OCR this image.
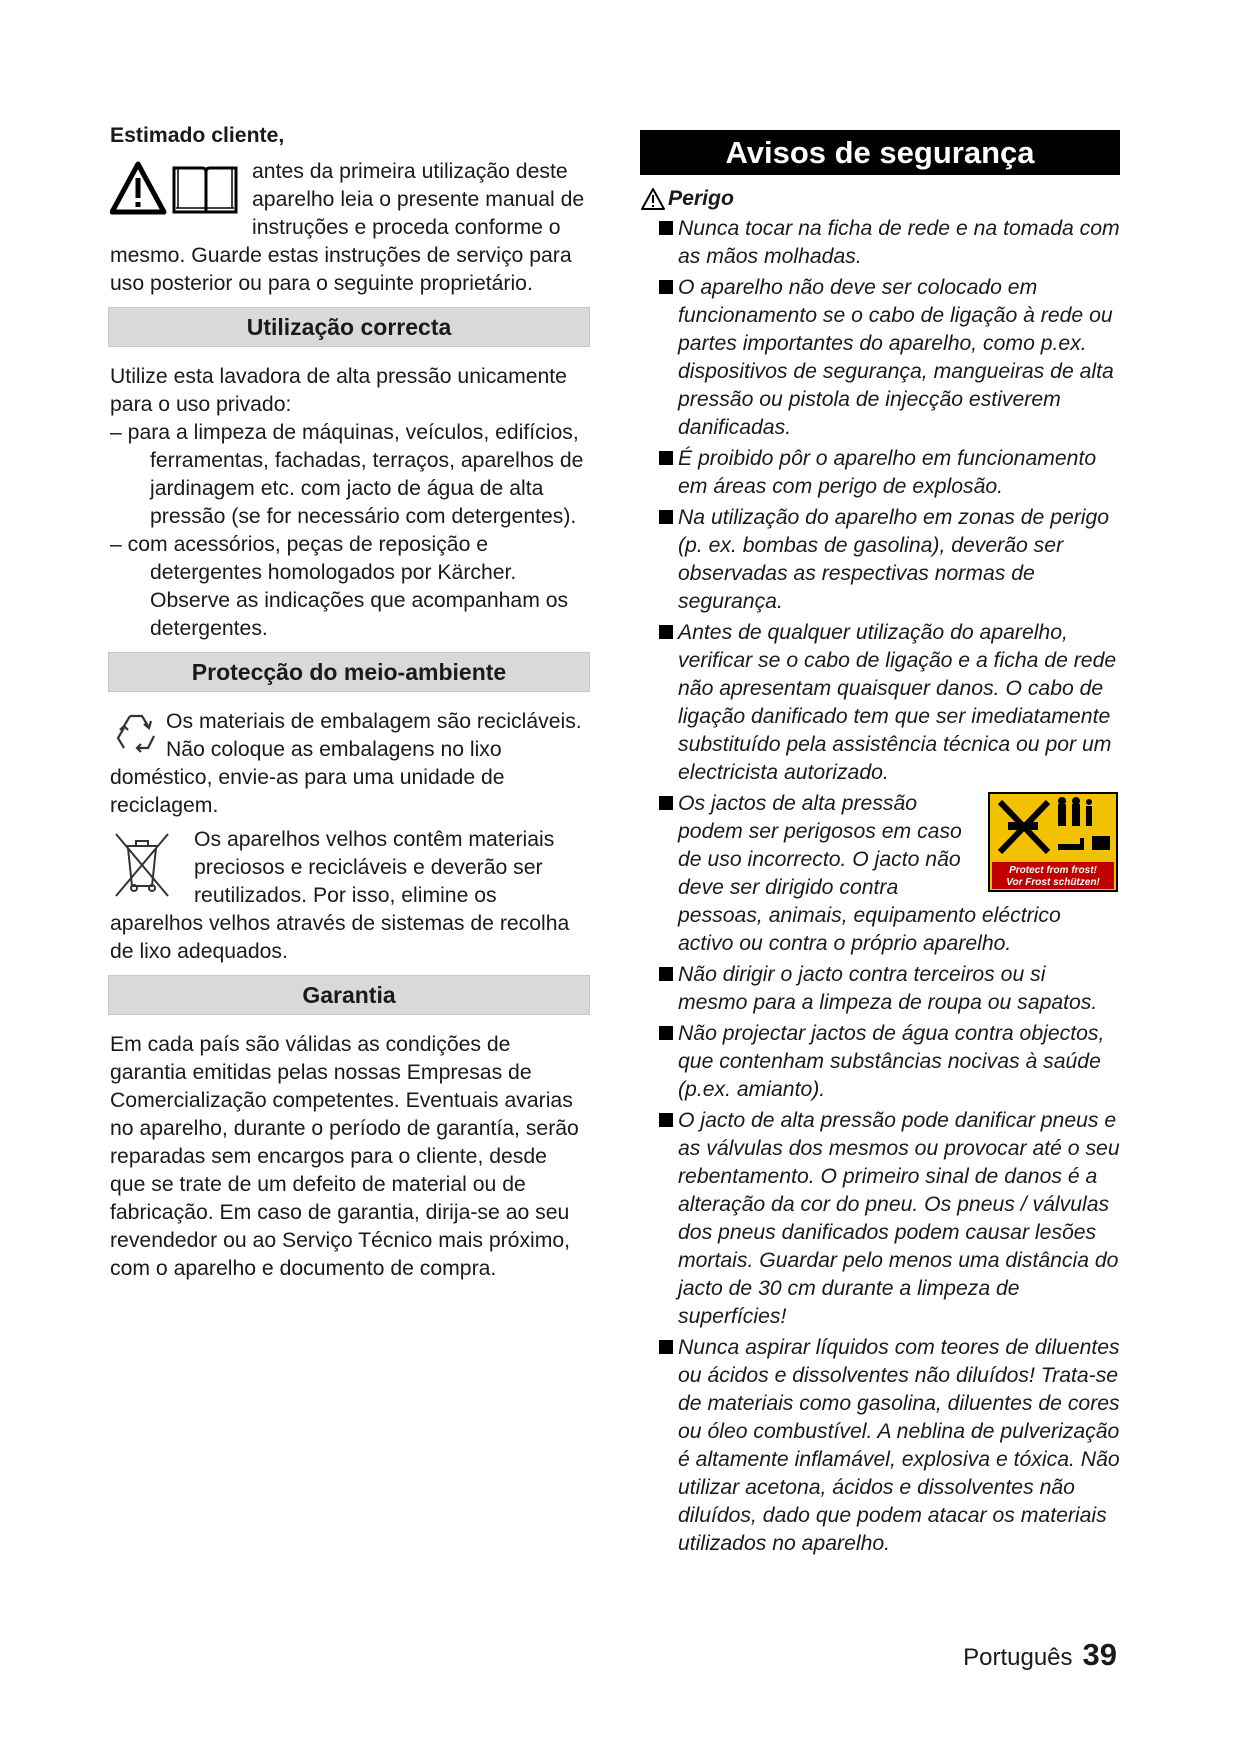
Estimado cliente,

antes da primeira utilização deste aparelho leia o presente manual de instruções e proceda conforme o mesmo. Guarde estas instruções de serviço para uso posterior ou para o seguinte proprietário.

Utilização correcta

Utilize esta lavadora de alta pressão unicamente para o uso privado:

– para a limpeza de máquinas, veículos, edifícios, ferramentas, fachadas, terraços, aparelhos de jardinagem etc. com jacto de água de alta pressão (se for necessário com detergentes).

– com acessórios, peças de reposição e detergentes homologados por Kärcher. Observe as indicações que acompanham os detergentes.

Protecção do meio-ambiente

Os materiais de embalagem são recicláveis. Não coloque as embalagens no lixo doméstico, envie-as para uma unidade de reciclagem.

Os aparelhos velhos contêm materiais preciosos e recicláveis e deverão ser reutilizados. Por isso, elimine os aparelhos velhos através de sistemas de recolha de lixo adequados.

Garantia

Em cada país são válidas as condições de garantia emitidas pelas nossas Empresas de Comercialização competentes. Eventuais avarias no aparelho, durante o período de garantía, serão reparadas sem encargos para o cliente, desde que se trate de um defeito de material ou de fabricação. Em caso de garantia, dirija-se ao seu revendedor ou ao Serviço Técnico mais próximo, com o aparelho e documento de compra.

Avisos de segurança
Perigo

Nunca tocar na ficha de rede e na tomada com as mãos molhadas.

O aparelho não deve ser colocado em funcionamento se o cabo de ligação à rede ou partes importantes do aparelho, como p.ex. dispositivos de segurança, mangueiras de alta pressão ou pistola de injecção estiverem danificadas.

É proibido pôr o aparelho em funcionamento em áreas com perigo de explosão.

Na utilização do aparelho em zonas de perigo (p. ex. bombas de gasolina), deverão ser observadas as respectivas normas de segurança.

Antes de qualquer utilização do aparelho, verificar se o cabo de ligação e a ficha de rede não apresentam quaisquer danos. O cabo de ligação danificado tem que ser imediatamente substituído pela assistência técnica ou por um electricista autorizado.

Protect from frost!
Vor Frost schützen!
Os jactos de alta pressão podem ser perigosos em caso de uso incorrecto. O jacto não deve ser dirigido contra pessoas, animais, equipamento eléctrico activo ou contra o próprio aparelho.

Não dirigir o jacto contra terceiros ou si mesmo para a limpeza de roupa ou sapatos.

Não projectar jactos de água contra objectos, que contenham substâncias nocivas à saúde (p.ex. amianto).

O jacto de alta pressão pode danificar pneus e as válvulas dos mesmos ou provocar até o seu rebentamento. O primeiro sinal de danos é a alteração da cor do pneu. Os pneus / válvulas dos pneus danificados podem causar lesões mortais. Guardar pelo menos uma distância do jacto de 30 cm durante a limpeza de superfícies!

Nunca aspirar líquidos com teores de diluentes ou ácidos e dissolventes não diluídos! Trata-se de materiais como gasolina, diluentes de cores ou óleo combustível. A neblina de pulverização é altamente inflamável, explosiva e tóxica. Não utilizar acetona, ácidos e dissolventes não diluídos, dado que podem atacar os materiais utilizados no aparelho.

Português 39
